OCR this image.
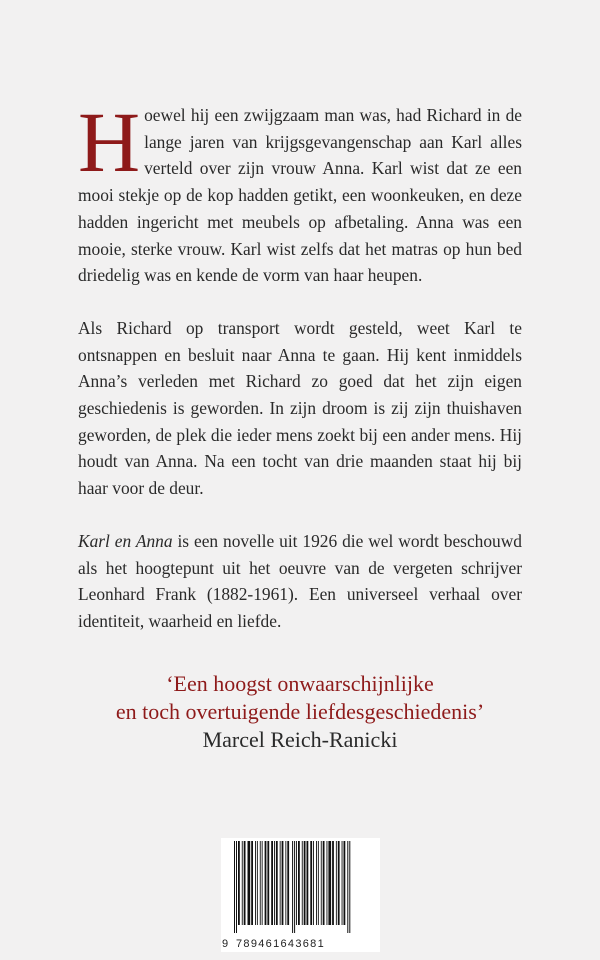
Hoewel hij een zwijgzaam man was, had Richard in de lange jaren van krijgsgevangenschap aan Karl alles verteld over zijn vrouw Anna. Karl wist dat ze een mooi stekje op de kop hadden getikt, een woonkeuken, en deze hadden ingericht met meubels op afbetaling. Anna was een mooie, sterke vrouw. Karl wist zelfs dat het matras op hun bed driedelig was en kende de vorm van haar heupen.

Als Richard op transport wordt gesteld, weet Karl te ontsnappen en besluit naar Anna te gaan. Hij kent inmiddels Anna’s verleden met Richard zo goed dat het zijn eigen geschiedenis is geworden. In zijn droom is zij zijn thuishaven geworden, de plek die ieder mens zoekt bij een ander mens. Hij houdt van Anna. Na een tocht van drie maanden staat hij bij haar voor de deur.

Karl en Anna is een novelle uit 1926 die wel wordt beschouwd als het hoogtepunt uit het oeuvre van de vergeten schrijver Leonhard Frank (1882-1961). Een universeel verhaal over identiteit, waarheid en liefde.

‘Een hoogst onwaarschijnlijke
en toch overtuigende liefdesgeschiedenis’
Marcel Reich-Ranicki
9 789461643681
